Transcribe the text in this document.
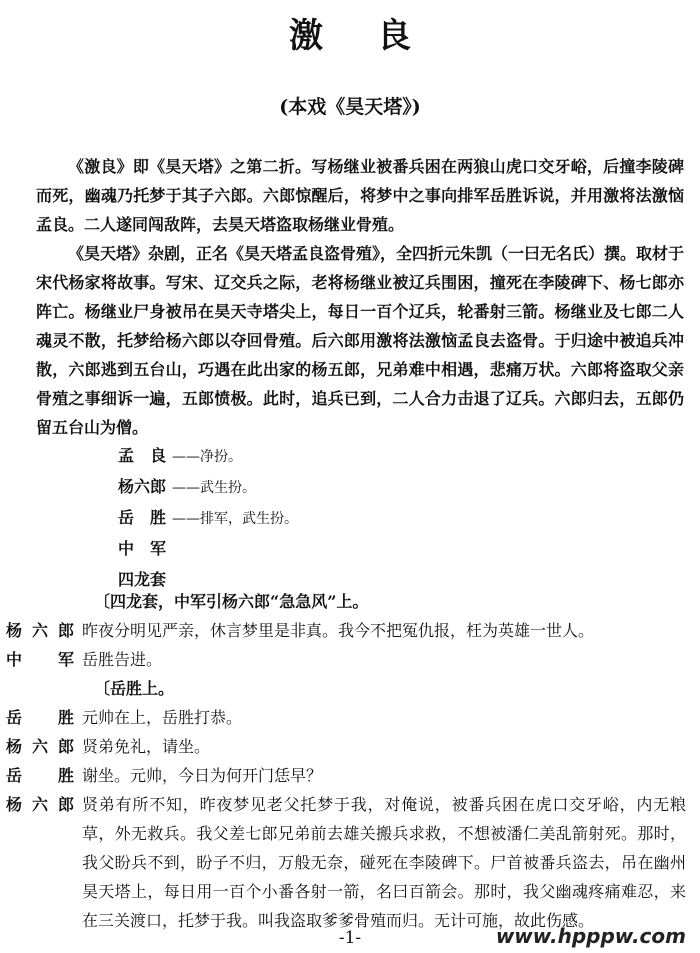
激良
(本戏《昊天塔》)

《激良》即《昊天塔》之第二折。写杨继业被番兵困在两狼山虎口交牙峪，后撞李陵碑而死，幽魂乃托梦于其子六郎。六郎惊醒后，将梦中之事向排军岳胜诉说，并用激将法激恼孟良。二人遂同闯敌阵，去昊天塔盗取杨继业骨殖。

《昊天塔》杂剧，正名《昊天塔孟良盗骨殖》，全四折元朱凯（一曰无名氏）撰。取材于宋代杨家将故事。写宋、辽交兵之际，老将杨继业被辽兵围困，撞死在李陵碑下、杨七郎亦阵亡。杨继业尸身被吊在昊天寺塔尖上，每日一百个辽兵，轮番射三箭。杨继业及七郎二人魂灵不散，托梦给杨六郎以夺回骨殖。后六郎用激将法激恼孟良去盗骨。于归途中被追兵冲散，六郎逃到五台山，巧遇在此出家的杨五郎，兄弟难中相遇，悲痛万状。六郎将盗取父亲骨殖之事细诉一遍，五郎愤极。此时，追兵已到，二人合力击退了辽兵。六郎归去，五郎仍留五台山为僧。

孟　良 ——净扮。
杨六郎 ——武生扮。
岳　胜 ——排军，武生扮。
中　军
四龙套
〔四龙套，中军引杨六郎“急急风”上。
杨六郎 昨夜分明见严亲，休言梦里是非真。我今不把冤仇报，枉为英雄一世人。
中　军 岳胜告进。
〔岳胜上。
岳　胜 元帅在上，岳胜打恭。
杨六郎 贤弟免礼，请坐。
岳　胜 谢坐。元帅，今日为何开门恁早？
杨六郎 贤弟有所不知，昨夜梦见老父托梦于我，对俺说，被番兵困在虎口交牙峪，内无粮草，外无救兵。我父差七郎兄弟前去雄关搬兵求救，不想被潘仁美乱箭射死。那时，我父盼兵不到，盼子不归，万般无奈，碰死在李陵碑下。尸首被番兵盗去，吊在幽州昊天塔上，每日用一百个小番各射一箭，名曰百箭会。那时，我父幽魂疼痛难忍，来在三关渡口，托梦于我。叫我盗取爹爹骨殖而归。无计可施，故此伤感。
-1-	www.hpppw.com
